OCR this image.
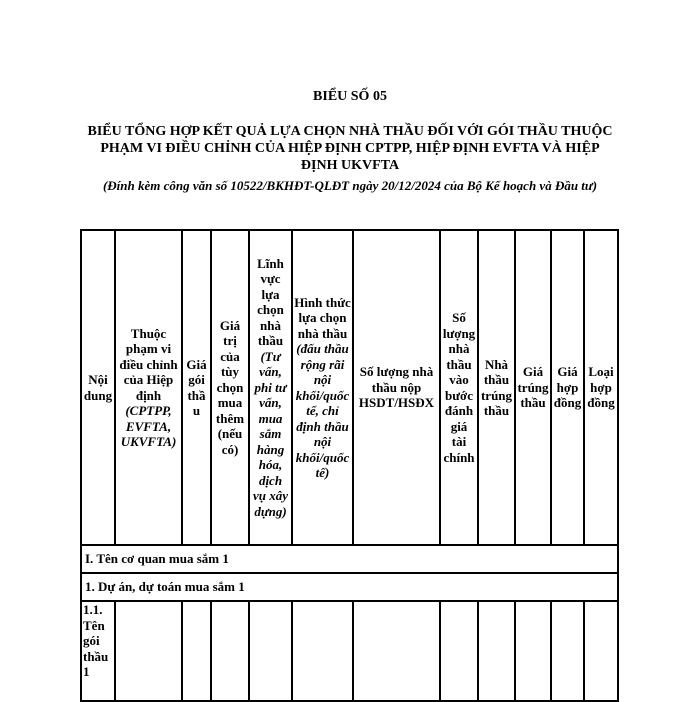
BIỂU SỐ 05
BIỂU TỔNG HỢP KẾT QUẢ LỰA CHỌN NHÀ THẦU ĐỐI VỚI GÓI THẦU THUỘC PHẠM VI ĐIỀU CHỈNH CỦA HIỆP ĐỊNH CPTPP, HIỆP ĐỊNH EVFTA VÀ HIỆP ĐỊNH UKVFTA
(Đính kèm công văn số 10522/BKHĐT-QLĐT ngày 20/12/2024 của Bộ Kế hoạch và Đầu tư)
Nội dung	Thuộc phạm vi điều chỉnh của Hiệp định (CPTPP, EVFTA, UKVFTA)	Giá gói thầu	Giá trị của tùy chọn mua thêm (nếu có)	Lĩnh vực lựa chọn nhà thầu (Tư vấn, phi tư vấn, mua sắm hàng hóa, dịch vụ xây dựng)	Hình thức lựa chọn nhà thầu (đấu thầu rộng rãi nội khối/quốc tế, chỉ định thầu nội khối/quốc tế)	Số lượng nhà thầu nộp HSDT/HSĐX	Số lượng nhà thầu vào bước đánh giá tài chính	Nhà thầu trúng thầu	Giá trúng thầu	Giá hợp đồng	Loại hợp đồng
I. Tên cơ quan mua sắm 1											
1. Dự án, dự toán mua sắm 1											
1.1. Tên gói thầu 1											
